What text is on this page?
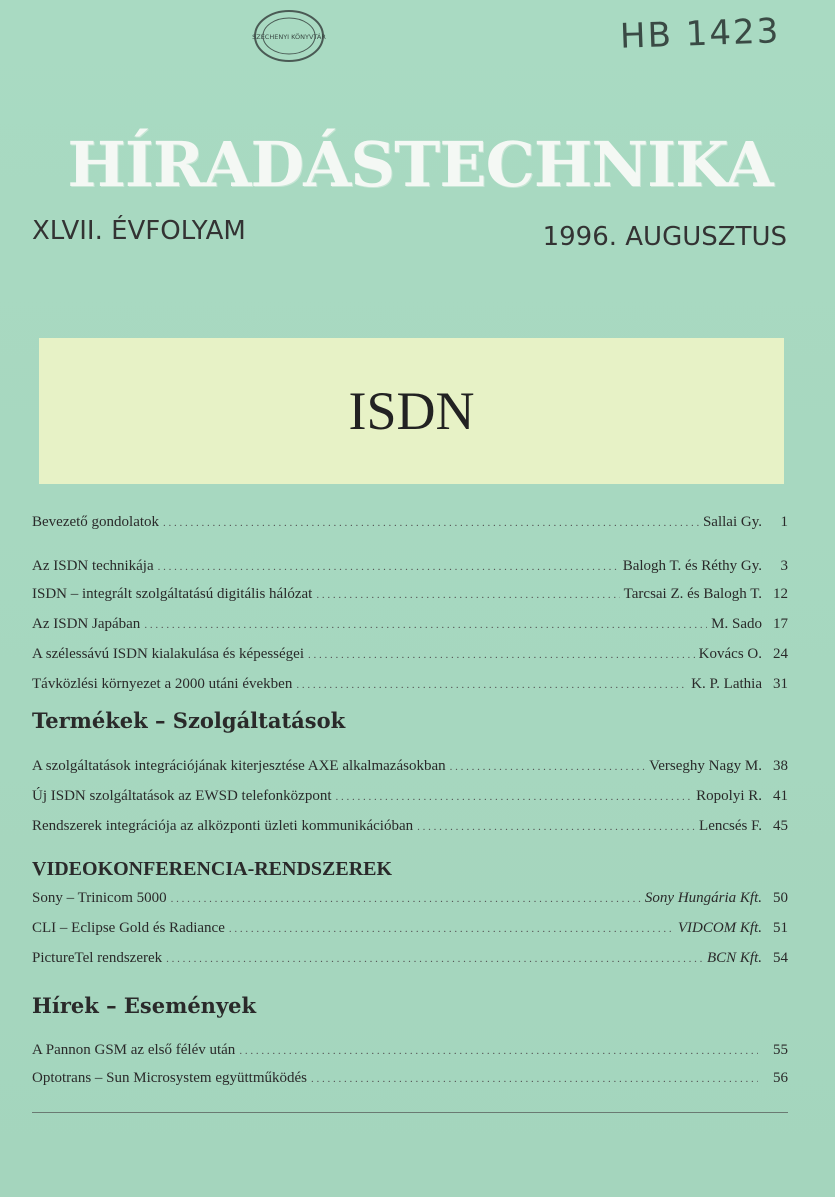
SZÉCHENYI KÖNYVTÁR	HB 1423
HÍRADÁSTECHNIKA
XLVII. ÉVFOLYAM	1996. AUGUSZTUS
ISDN
Bevezető gondolatok . . .	Sallai Gy.	1
Az ISDN technikája . . .	Balogh T. és Réthy Gy.	3
ISDN – integrált szolgáltatású digitális hálózat . . .	Tarcsai Z. és Balogh T. 12
Az ISDN Japában . . .	M. Sado 17
A szélessávú ISDN kialakulása és képességei . . .	Kovács O. 24
Távközlési környezet a 2000 utáni években . . .	K. P. Lathia 31
Termékek – Szolgáltatások
A szolgáltatások integrációjának kiterjesztése AXE alkalmazásokban . . .	Verseghy Nagy M. 38
Új ISDN szolgáltatások az EWSD telefonközpont . . .	Ropolyi R. 41
Rendszerek integrációja az alközponti üzleti kommunikációban . . .	Lencsés F. 45
VIDEOKONFERENCIA-RENDSZEREK
Sony – Trinicom 5000 . . .	Sony Hungária Kft. 50
CLI – Eclipse Gold és Radiance . . .	VIDCOM Kft. 51
PictureTel rendszerek . . .	BCN Kft. 54
Hírek – Események
A Pannon GSM az első félév után . . .	55
Optotrans – Sun Microsystem együttműködés . . .	56
